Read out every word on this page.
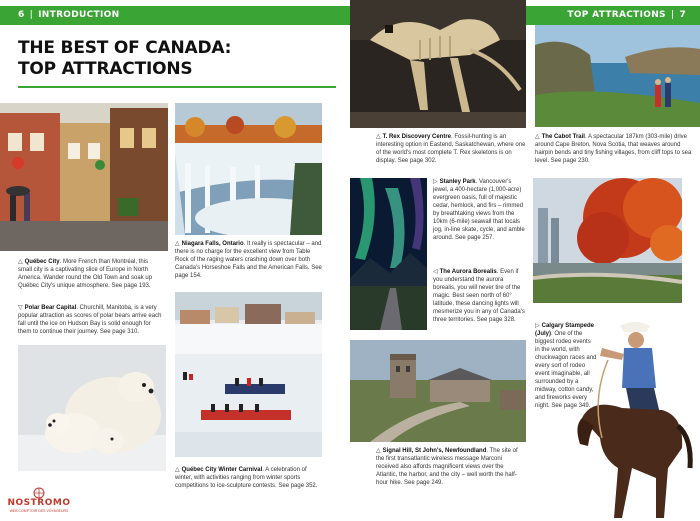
6 | INTRODUCTION	TOP ATTRACTIONS | 7
THE BEST OF CANADA:
TOP ATTRACTIONS
△ Québec City. More French than Montréal, this small city is a captivating slice of Europe in North America. Wander round the Old Town and soak up Québec City's unique atmosphere. See page 193.
▽ Polar Bear Capital. Churchill, Manitoba, is a very popular attraction as scores of polar bears arrive each fall until the ice on Hudson Bay is solid enough for them to continue their journey. See page 310.
△ Niagara Falls, Ontario. It really is spectacular – and there is no charge for the excellent view from Table Rock of the raging waters crashing down over both Canada's Horseshoe Falls and the American Falls. See page 154.
△ Québec City Winter Carnival. A celebration of winter, with activities ranging from winter sports competitions to ice-sculpture contests. See page 352.
△ T. Rex Discovery Centre. Fossil-hunting is an interesting option in Eastend, Saskatchewan, where one of the world's most complete T. Rex skeletons is on display. See page 302.
△ The Cabot Trail. A spectacular 187km (303-mile) drive around Cape Breton, Nova Scotia, that weaves around hairpin bends and tiny fishing villages, from cliff tops to sea level. See page 230.
▷ Stanley Park. Vancouver's jewel, a 400-hectare (1,000-acre) evergreen oasis, full of majestic cedar, hemlock, and firs – rimmed by breathtaking views from the 10km (6-mile) seawall that locals jog, in-line skate, cycle, and amble around. See page 257.
◁ The Aurora Borealis. Even if you understand the aurora borealis, you will never tire of the magic. Best seen north of 60° latitude, these dancing lights will mesmerize you in any of Canada's three territories. See page 328.
△ Signal Hill, St John's, Newfoundland. The site of the first transatlantic wireless message Marconi received also affords magnificent views over the Atlantic, the harbor, and the city – well worth the half-hour hike. See page 249.
▷ Calgary Stampede (July). One of the biggest rodeo events in the world, with chuckwagon races and every sort of rodeo event imaginable, all surrounded by a midway, cotton candy, and fireworks every night. See page 349.
NOSTROMO
WEB COMPTOIR DES VOYAGEURS
